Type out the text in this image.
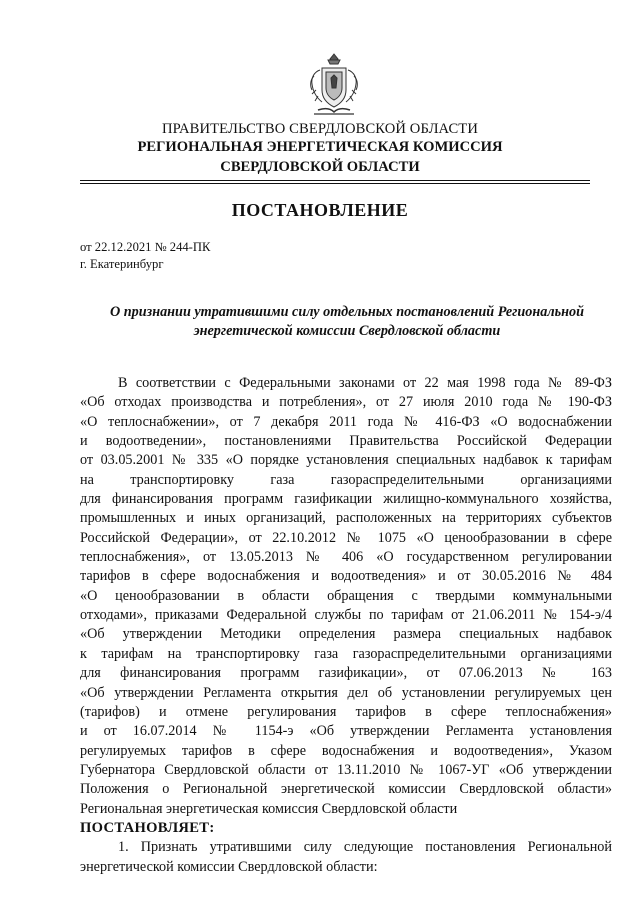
ПРАВИТЕЛЬСТВО СВЕРДЛОВСКОЙ ОБЛАСТИ
РЕГИОНАЛЬНАЯ ЭНЕРГЕТИЧЕСКАЯ КОМИССИЯ
СВЕРДЛОВСКОЙ ОБЛАСТИ
ПОСТАНОВЛЕНИЕ
от 22.12.2021 № 244-ПК
г. Екатеринбург
О признании утратившими силу отдельных постановлений Региональной энергетической комиссии Свердловской области
В соответствии с Федеральными законами от 22 мая 1998 года № 89-ФЗ
«Об отходах производства и потребления», от 27 июля 2010 года № 190-ФЗ
«О теплоснабжении», от 7 декабря 2011 года № 416-ФЗ «О водоснабжении
и водоотведении», постановлениями Правительства Российской Федерации
от 03.05.2001 № 335 «О порядке установления специальных надбавок к тарифам
на транспортировку газа газораспределительными организациями
для финансирования программ газификации жилищно-коммунального хозяйства,
промышленных и иных организаций, расположенных на территориях субъектов
Российской Федерации», от 22.10.2012 № 1075 «О ценообразовании в сфере
теплоснабжения», от 13.05.2013 № 406 «О государственном регулировании
тарифов в сфере водоснабжения и водоотведения» и от 30.05.2016 № 484
«О ценообразовании в области обращения с твердыми коммунальными
отходами», приказами Федеральной службы по тарифам от 21.06.2011 № 154-э/4
«Об утверждении Методики определения размера специальных надбавок
к тарифам на транспортировку газа газораспределительными организациями
для финансирования программ газификации», от 07.06.2013 № 163
«Об утверждении Регламента открытия дел об установлении регулируемых цен
(тарифов) и отмене регулирования тарифов в сфере теплоснабжения»
и от 16.07.2014 № 1154-э «Об утверждении Регламента установления
регулируемых тарифов в сфере водоснабжения и водоотведения», Указом
Губернатора Свердловской области от 13.11.2010 № 1067-УГ «Об утверждении
Положения о Региональной энергетической комиссии Свердловской области»
Региональная энергетическая комиссия Свердловской области
ПОСТАНОВЛЯЕТ:
1. Признать утратившими силу следующие постановления Региональной
энергетической комиссии Свердловской области:
